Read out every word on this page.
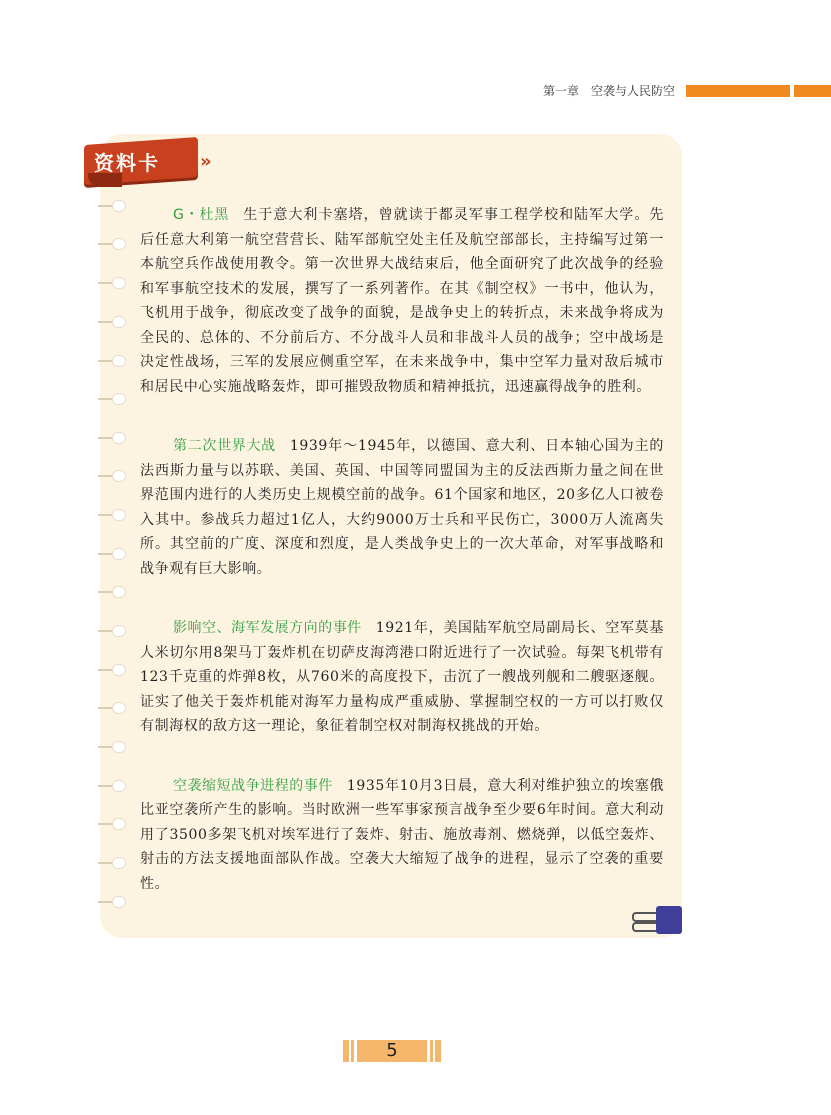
第一章　空袭与人民防空
资料卡 »

G・杜黑 生于意大利卡塞塔，曾就读于都灵军事工程学校和陆军大学。先后任意大利第一航空营营长、陆军部航空处主任及航空部部长，主持编写过第一本航空兵作战使用教令。第一次世界大战结束后，他全面研究了此次战争的经验和军事航空技术的发展，撰写了一系列著作。在其《制空权》一书中，他认为，飞机用于战争，彻底改变了战争的面貌，是战争史上的转折点，未来战争将成为全民的、总体的、不分前后方、不分战斗人员和非战斗人员的战争；空中战场是决定性战场，三军的发展应侧重空军，在未来战争中，集中空军力量对敌后城市和居民中心实施战略轰炸，即可摧毁敌物质和精神抵抗，迅速赢得战争的胜利。

第二次世界大战 1939年～1945年，以德国、意大利、日本轴心国为主的法西斯力量与以苏联、美国、英国、中国等同盟国为主的反法西斯力量之间在世界范围内进行的人类历史上规模空前的战争。61个国家和地区，20多亿人口被卷入其中。参战兵力超过1亿人，大约9000万士兵和平民伤亡，3000万人流离失所。其空前的广度、深度和烈度，是人类战争史上的一次大革命，对军事战略和战争观有巨大影响。

影响空、海军发展方向的事件 1921年，美国陆军航空局副局长、空军莫基人米切尔用8架马丁轰炸机在切萨皮海湾港口附近进行了一次试验。每架飞机带有123千克重的炸弹8枚，从760米的高度投下，击沉了一艘战列舰和二艘驱逐舰。证实了他关于轰炸机能对海军力量构成严重威胁、掌握制空权的一方可以打败仅有制海权的敌方这一理论，象征着制空权对制海权挑战的开始。

空袭缩短战争进程的事件 1935年10月3日晨，意大利对维护独立的埃塞俄比亚空袭所产生的影响。当时欧洲一些军事家预言战争至少要6年时间。意大利动用了3500多架飞机对埃军进行了轰炸、射击、施放毒剂、燃烧弹，以低空轰炸、射击的方法支援地面部队作战。空袭大大缩短了战争的进程，显示了空袭的重要性。

5
